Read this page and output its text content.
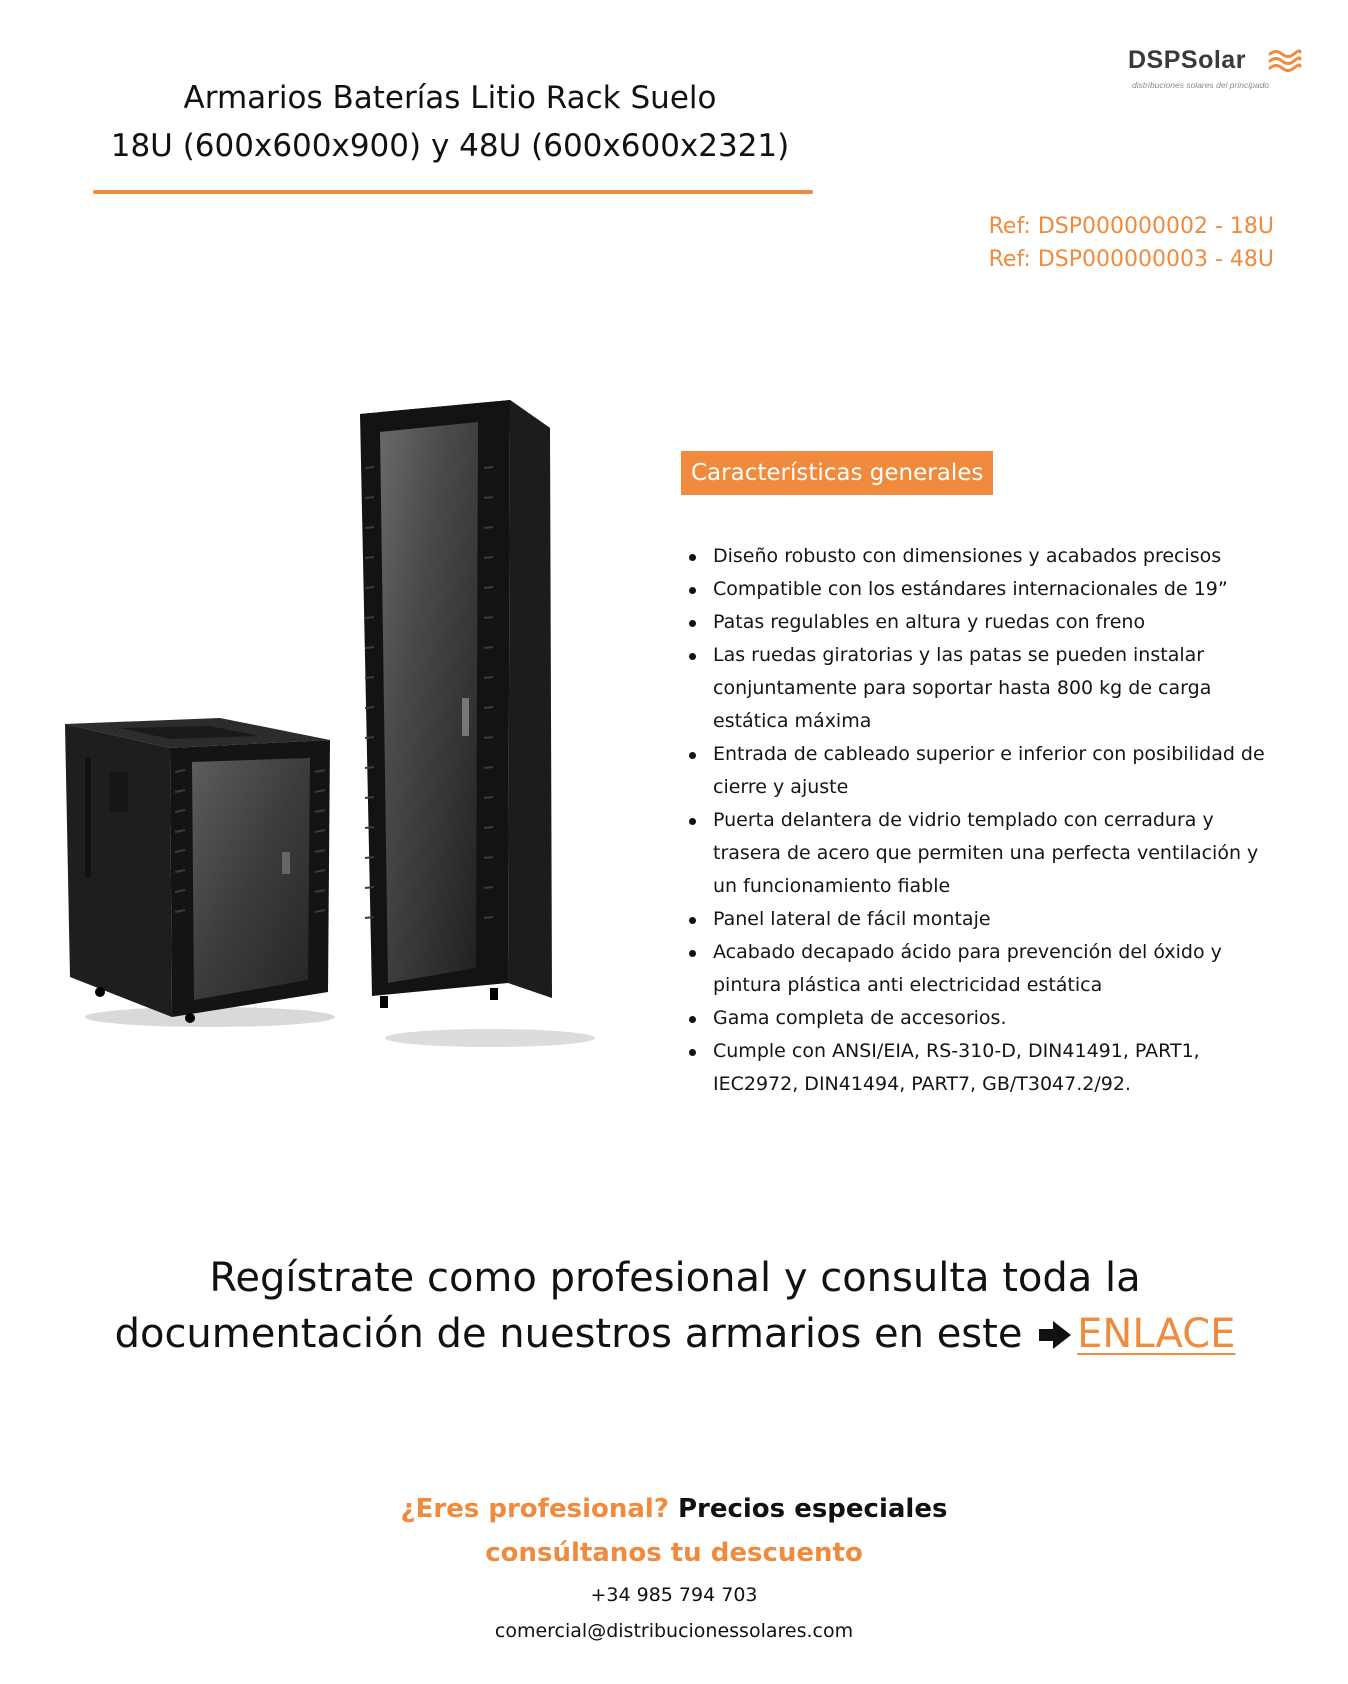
DSPSolar
distribuciones solares del principado
Armarios Baterías Litio Rack Suelo
18U (600x600x900) y 48U (600x600x2321)
Ref: DSP000000002 - 18U
Ref: DSP000000003 - 48U
Características generales
Diseño robusto con dimensiones y acabados precisos
Compatible con los estándares internacionales de 19”
Patas regulables en altura y ruedas con freno
Las ruedas giratorias y las patas se pueden instalar conjuntamente para soportar hasta 800 kg de carga estática máxima
Entrada de cableado superior e inferior con posibilidad de cierre y ajuste
Puerta delantera de vidrio templado con cerradura y trasera de acero que permiten una perfecta ventilación y un funcionamiento fiable
Panel lateral de fácil montaje
Acabado decapado ácido para prevención del óxido y pintura plástica anti electricidad estática
Gama completa de accesorios.
Cumple con ANSI/EIA, RS-310-D, DIN41491, PART1, IEC2972, DIN41494, PART7, GB/T3047.2/92.
Regístrate como profesional y consulta toda la
documentación de nuestros armarios en este ENLACE
¿Eres profesional? Precios especiales
consúltanos tu descuento
+34 985 794 703
comercial@distribucionessolares.com
